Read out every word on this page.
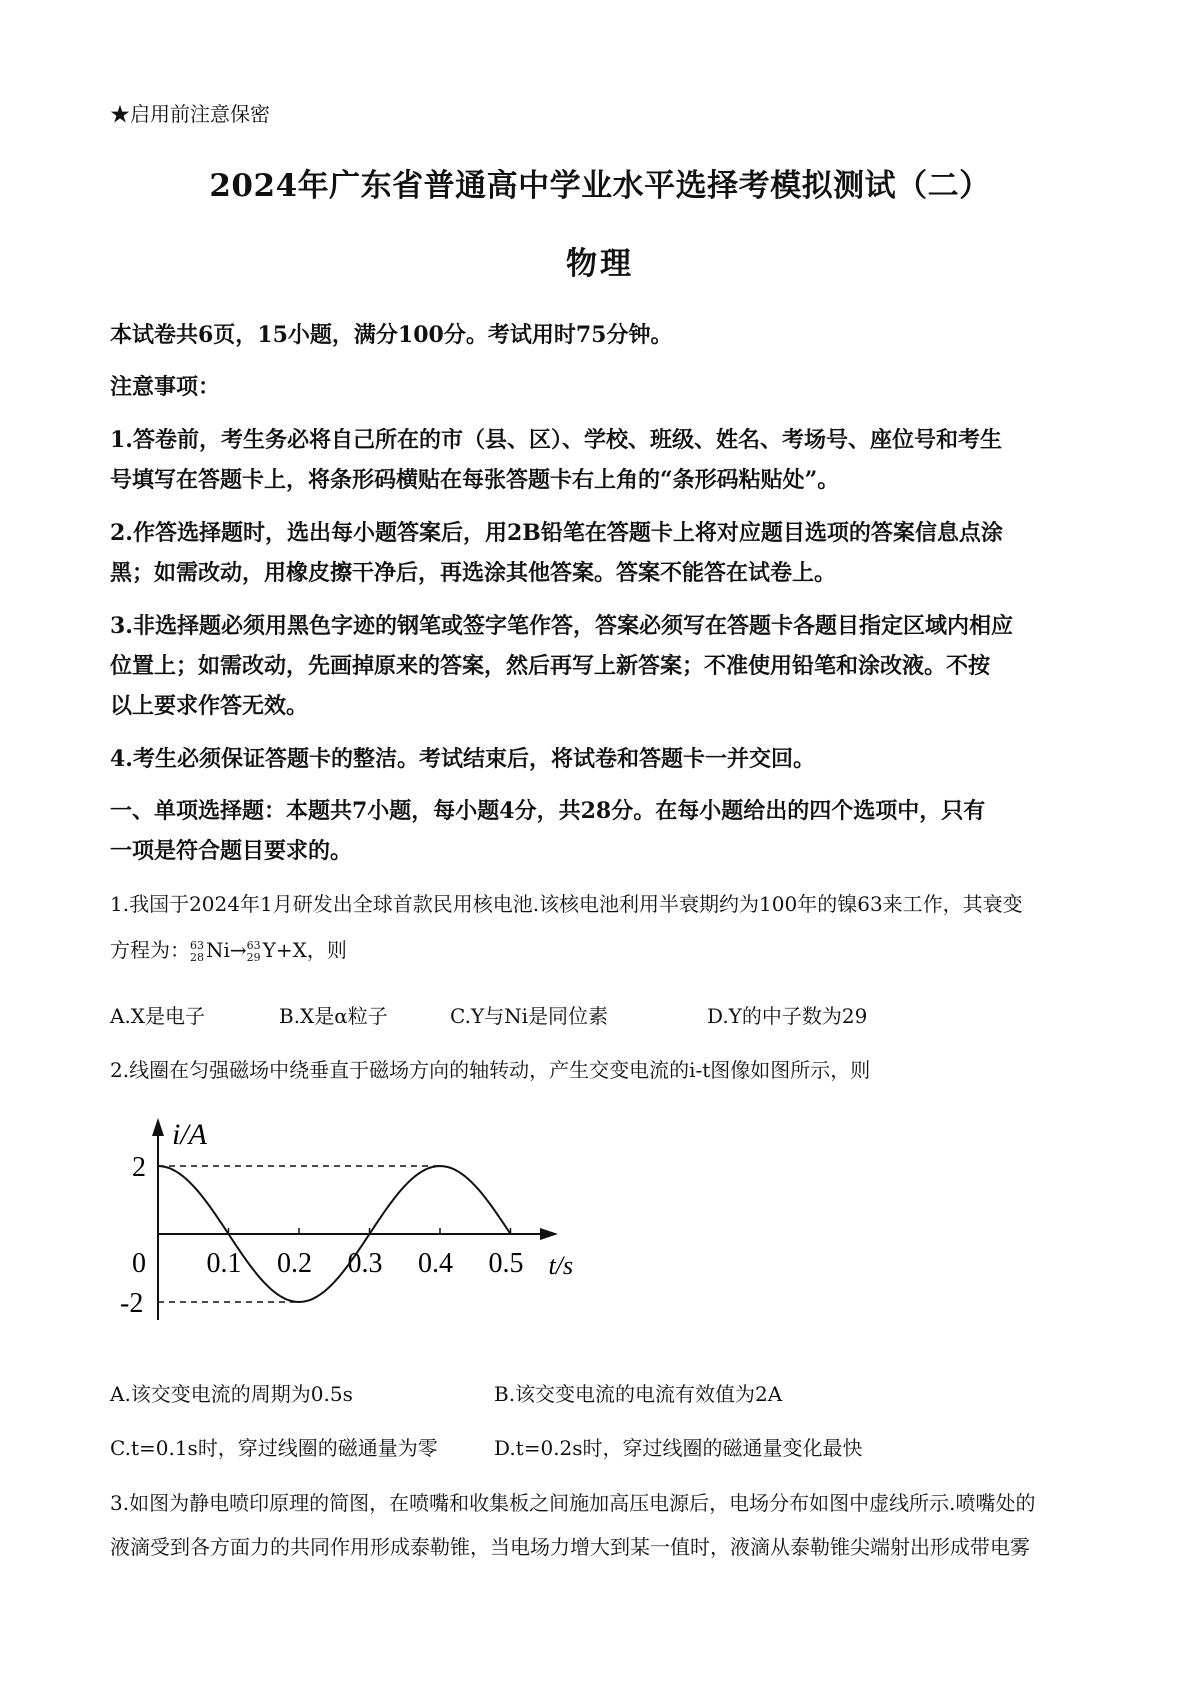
★启用前注意保密
2024年广东省普通高中学业水平选择考模拟测试（二）
物理
本试卷共6页，15小题，满分100分。考试用时75分钟。
注意事项：
1.答卷前，考生务必将自己所在的市（县、区）、学校、班级、姓名、考场号、座位号和考生
号填写在答题卡上，将条形码横贴在每张答题卡右上角的“条形码粘贴处”。
2.作答选择题时，选出每小题答案后，用2B铅笔在答题卡上将对应题目选项的答案信息点涂
黑；如需改动，用橡皮擦干净后，再选涂其他答案。答案不能答在试卷上。
3.非选择题必须用黑色字迹的钢笔或签字笔作答，答案必须写在答题卡各题目指定区域内相应
位置上；如需改动，先画掉原来的答案，然后再写上新答案；不准使用铅笔和涂改液。不按
以上要求作答无效。
4.考生必须保证答题卡的整洁。考试结束后，将试卷和答题卡一并交回。
一、单项选择题：本题共7小题，每小题4分，共28分。在每小题给出的四个选项中，只有
一项是符合题目要求的。
1.我国于2024年1月研发出全球首款民用核电池.该核电池利用半衰期约为100年的镍63来工作，其衰变
方程为： 63
28 Ni→ 63
29 Y+X，则
A.X是电子	B.X是α粒子	C.Y与Ni是同位素	D.Y的中子数为29
2.线圈在匀强磁场中绕垂直于磁场方向的轴转动，产生交变电流的i-t图像如图所示，则
i/A
t/s
0
2
-2
0.1 0.2 0.3 0.4 0.5
A.该交变电流的周期为0.5s	B.该交变电流的电流有效值为2A
C.t=0.1s时，穿过线圈的磁通量为零	D.t=0.2s时，穿过线圈的磁通量变化最快
3.如图为静电喷印原理的简图，在喷嘴和收集板之间施加高压电源后，电场分布如图中虚线所示.喷嘴处的
液滴受到各方面力的共同作用形成泰勒锥，当电场力增大到某一值时，液滴从泰勒锥尖端射出形成带电雾
